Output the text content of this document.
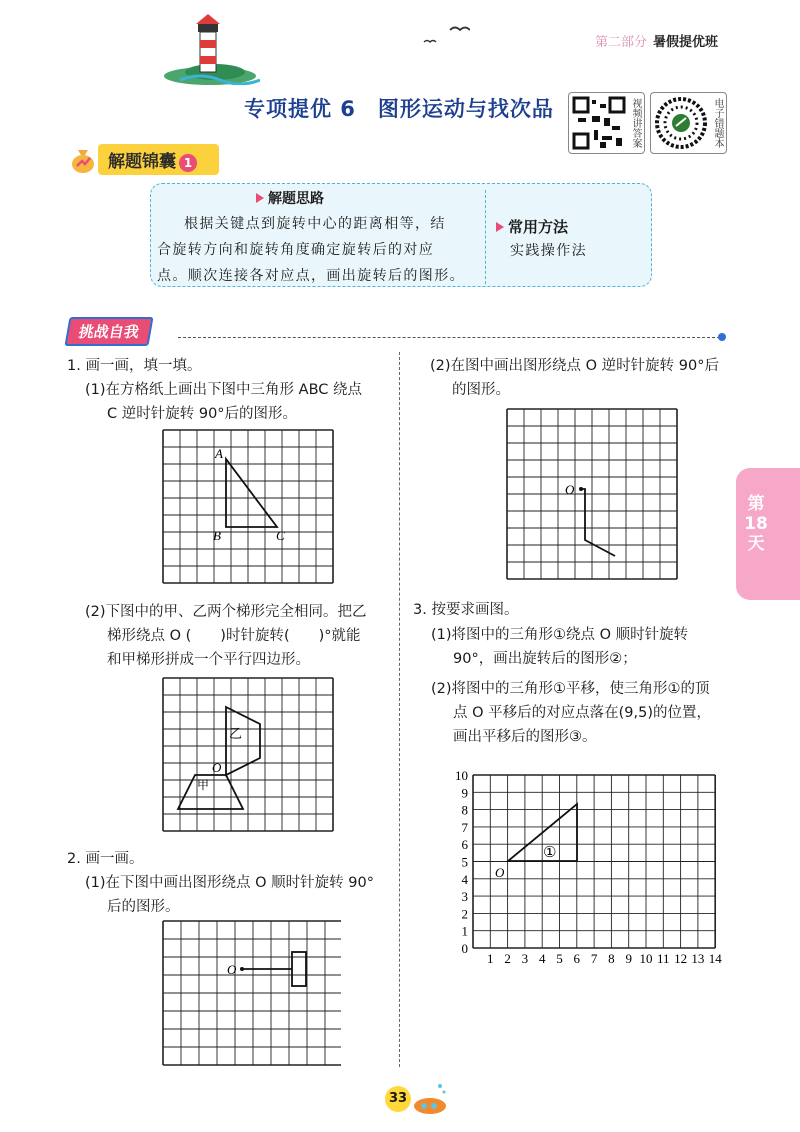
第二部分 暑假提优班
专项提优 6　图形运动与找次品	视频讲答案	电子错题本
解题锦囊 1
解题思路
根据关键点到旋转中心的距离相等，结
合旋转方向和旋转角度确定旋转后的对应
点。顺次连接各对应点，画出旋转后的图形。
常用方法
实践操作法
挑战自我
1. 画一画，填一填。
(1)在方格纸上画出下图中三角形 ABC 绕点
C 逆时针旋转 90°后的图形。
A
B	C
(2)下图中的甲、乙两个梯形完全相同。把乙
梯形绕点 O (　　)时针旋转(　　)°就能
和甲梯形拼成一个平行四边形。
乙
甲
O
2. 画一画。
(1)在下图中画出图形绕点 O 顺时针旋转 90°
后的图形。
O
(2)在图中画出图形绕点 O 逆时针旋转 90°后
的图形。
O
3. 按要求画图。
(1)将图中的三角形①绕点 O 顺时针旋转
90°，画出旋转后的图形②；
(2)将图中的三角形①平移，使三角形①的顶
点 O 平移后的对应点落在(9,5)的位置，
画出平移后的图形③。
1 2 3 4 5 6 7 8 9 10 11 12 13 14
0
1
2
3
4
5
6
7
8
9
10
O
①
第18天
33
